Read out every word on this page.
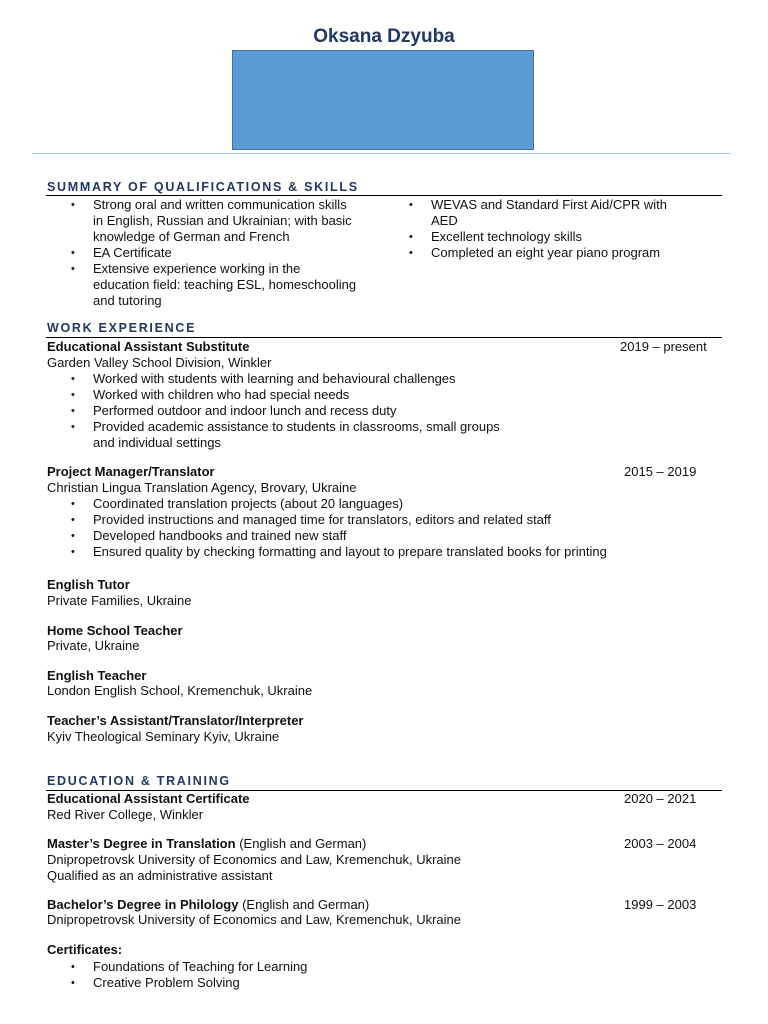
Oksana Dzyuba
SUMMARY OF QUALIFICATIONS & SKILLS
• Strong oral and written communication skills
in English, Russian and Ukrainian; with basic
knowledge of German and French
• EA Certificate
• Extensive experience working in the
education field: teaching ESL, homeschooling
and tutoring
• WEVAS and Standard First Aid/CPR with
AED
• Excellent technology skills
• Completed an eight year piano program
WORK EXPERIENCE
Educational Assistant Substitute	2019 – present
Garden Valley School Division, Winkler
• Worked with students with learning and behavioural challenges
• Worked with children who had special needs
• Performed outdoor and indoor lunch and recess duty
• Provided academic assistance to students in classrooms, small groups
and individual settings
Project Manager/Translator	2015 – 2019
Christian Lingua Translation Agency, Brovary, Ukraine
• Coordinated translation projects (about 20 languages)
• Provided instructions and managed time for translators, editors and related staff
• Developed handbooks and trained new staff
• Ensured quality by checking formatting and layout to prepare translated books for printing
English Tutor
Private Families, Ukraine
Home School Teacher
Private, Ukraine
English Teacher
London English School, Kremenchuk, Ukraine
Teacher’s Assistant/Translator/Interpreter
Kyiv Theological Seminary Kyiv, Ukraine
EDUCATION & TRAINING
Educational Assistant Certificate	2020 – 2021
Red River College, Winkler
Master’s Degree in Translation (English and German)	2003 – 2004
Dnipropetrovsk University of Economics and Law, Kremenchuk, Ukraine
Qualified as an administrative assistant
Bachelor’s Degree in Philology (English and German)	1999 – 2003
Dnipropetrovsk University of Economics and Law, Kremenchuk, Ukraine
Certificates:
• Foundations of Teaching for Learning
• Creative Problem Solving
